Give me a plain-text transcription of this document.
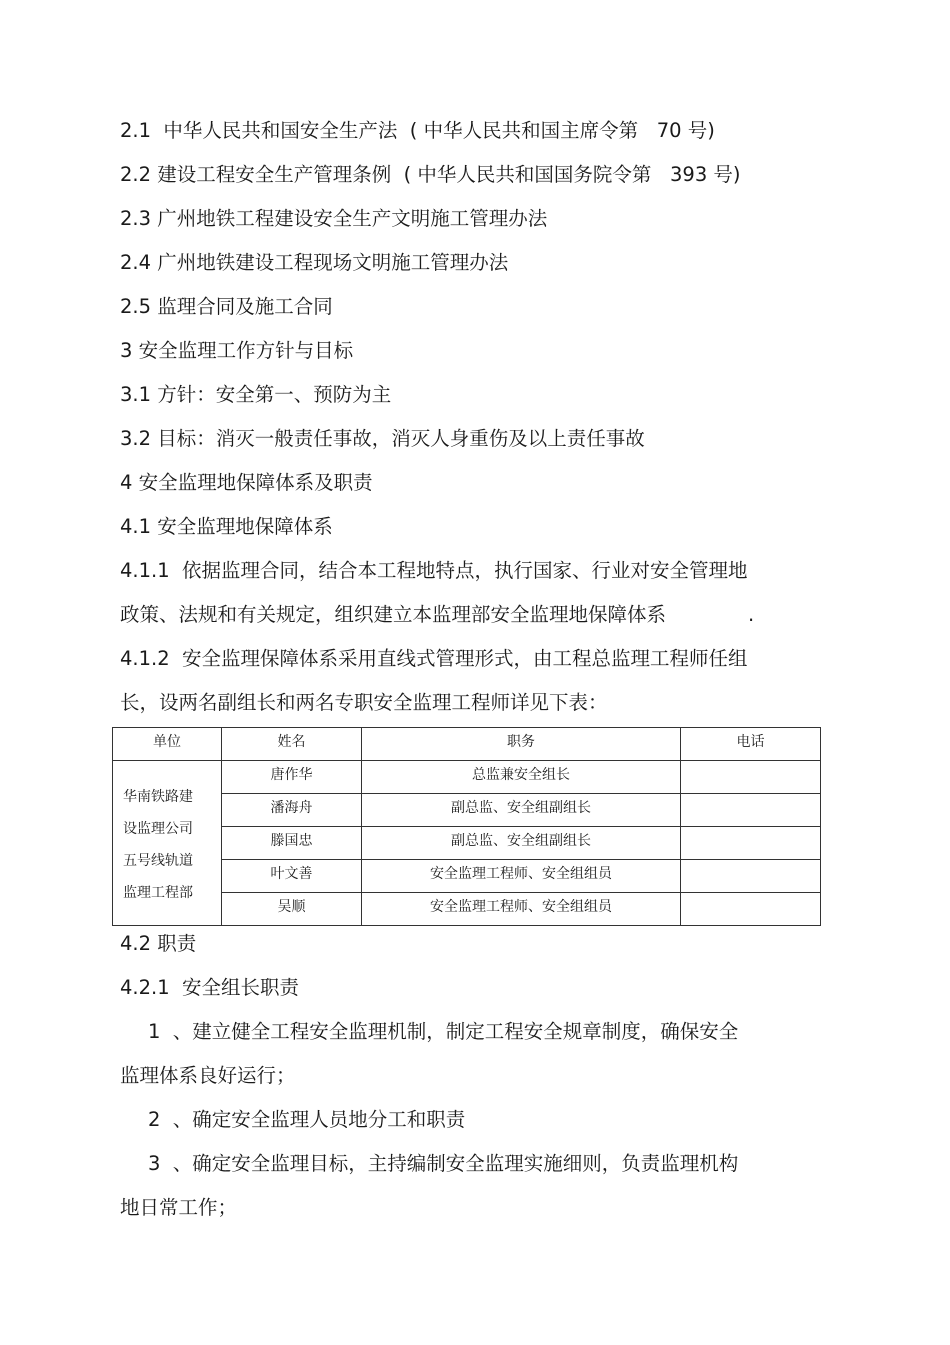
2.1  中华人民共和国安全生产法  ( 中华人民共和国主席令第   70 号)

2.2 建设工程安全生产管理条例  ( 中华人民共和国国务院令第   393 号)

2.3 广州地铁工程建设安全生产文明施工管理办法

2.4 广州地铁建设工程现场文明施工管理办法

2.5 监理合同及施工合同

3 安全监理工作方针与目标

3.1 方针：安全第一、预防为主

3.2 目标：消灭一般责任事故，消灭人身重伤及以上责任事故

4 安全监理地保障体系及职责

4.1 安全监理地保障体系

4.1.1  依据监理合同，结合本工程地特点，执行国家、行业对安全管理地

政策、法规和有关规定，组织建立本监理部安全监理地保障体系	.

4.1.2  安全监理保障体系采用直线式管理形式，由工程总监理工程师任组

长，设两名副组长和两名专职安全监理工程师详见下表：

单位	姓名	职务	电话

华南铁路建
设监理公司
五号线轨道
监理工程部	唐作华	总监兼安全组长	
	潘海舟	副总监、安全组副组长	
	滕国忠	副总监、安全组副组长	
	叶文善	安全监理工程师、安全组组员	
	吴顺	安全监理工程师、安全组组员	

4.2 职责

4.2.1  安全组长职责

1  、建立健全工程安全监理机制，制定工程安全规章制度，确保安全

监理体系良好运行；

2  、确定安全监理人员地分工和职责

3  、确定安全监理目标，主持编制安全监理实施细则，负责监理机构

地日常工作；
